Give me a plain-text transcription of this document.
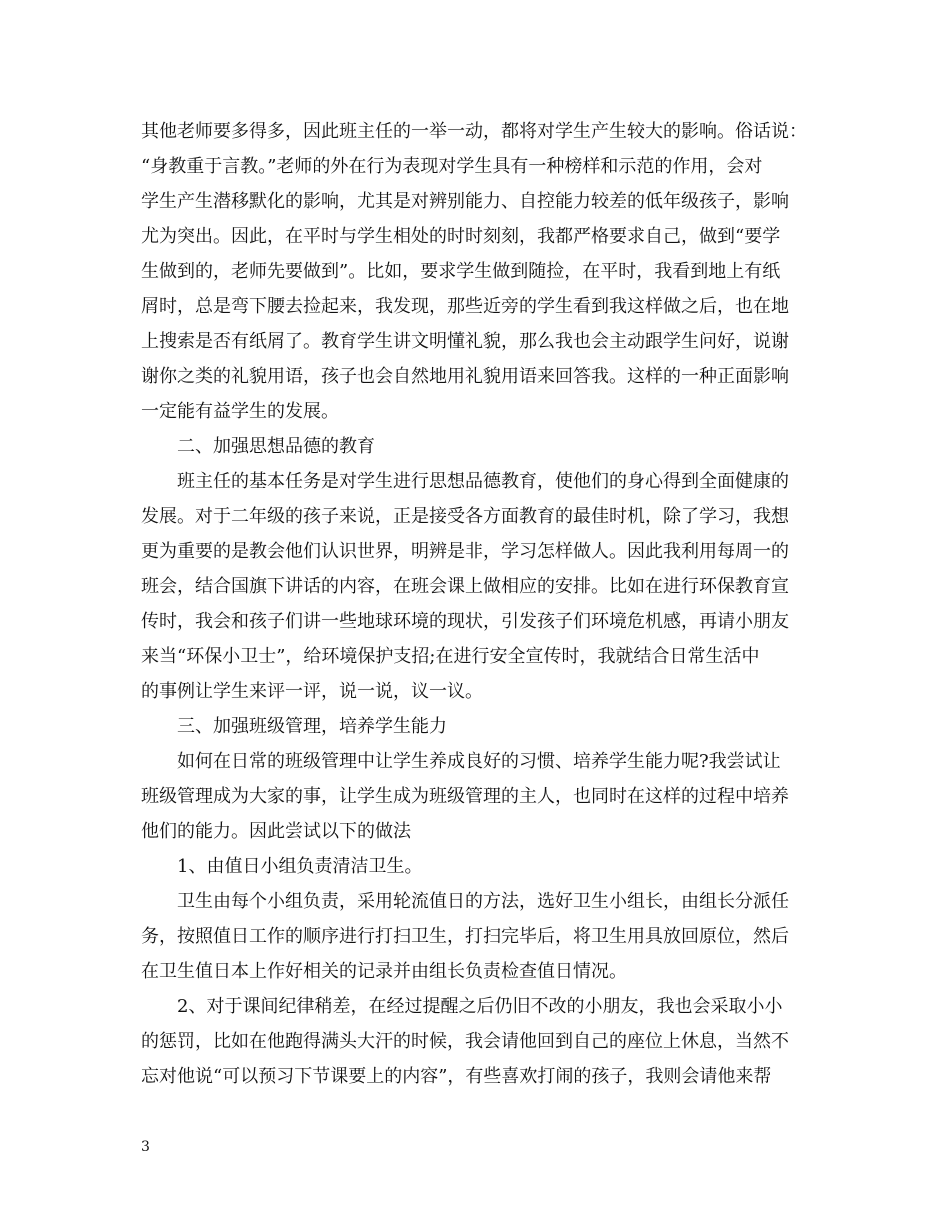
其他老师要多得多，因此班主任的一举一动，都将对学生产生较大的影响。俗话说：
“身教重于言教。”老师的外在行为表现对学生具有一种榜样和示范的作用，会对
学生产生潜移默化的影响，尤其是对辨别能力、自控能力较差的低年级孩子，影响
尤为突出。因此，在平时与学生相处的时时刻刻，我都严格要求自己，做到“要学
生做到的，老师先要做到”。比如，要求学生做到随捡，在平时，我看到地上有纸
屑时，总是弯下腰去捡起来，我发现，那些近旁的学生看到我这样做之后，也在地
上搜索是否有纸屑了。教育学生讲文明懂礼貌，那么我也会主动跟学生问好，说谢
谢你之类的礼貌用语，孩子也会自然地用礼貌用语来回答我。这样的一种正面影响
一定能有益学生的发展。
　　二、加强思想品德的教育
　　班主任的基本任务是对学生进行思想品德教育，使他们的身心得到全面健康的
发展。对于二年级的孩子来说，正是接受各方面教育的最佳时机，除了学习，我想
更为重要的是教会他们认识世界，明辨是非，学习怎样做人。因此我利用每周一的
班会，结合国旗下讲话的内容，在班会课上做相应的安排。比如在进行环保教育宣
传时，我会和孩子们讲一些地球环境的现状，引发孩子们环境危机感，再请小朋友
来当“环保小卫士”，给环境保护支招;在进行安全宣传时，我就结合日常生活中
的事例让学生来评一评，说一说，议一议。
　　三、加强班级管理，培养学生能力
　　如何在日常的班级管理中让学生养成良好的习惯、培养学生能力呢?我尝试让
班级管理成为大家的事，让学生成为班级管理的主人，也同时在这样的过程中培养
他们的能力。因此尝试以下的做法
　　1、由值日小组负责清洁卫生。
　　卫生由每个小组负责，采用轮流值日的方法，选好卫生小组长，由组长分派任
务，按照值日工作的顺序进行打扫卫生，打扫完毕后，将卫生用具放回原位，然后
在卫生值日本上作好相关的记录并由组长负责检查值日情况。
　　2、对于课间纪律稍差，在经过提醒之后仍旧不改的小朋友，我也会采取小小
的惩罚，比如在他跑得满头大汗的时候，我会请他回到自己的座位上休息，当然不
忘对他说“可以预习下节课要上的内容”，有些喜欢打闹的孩子，我则会请他来帮
3
